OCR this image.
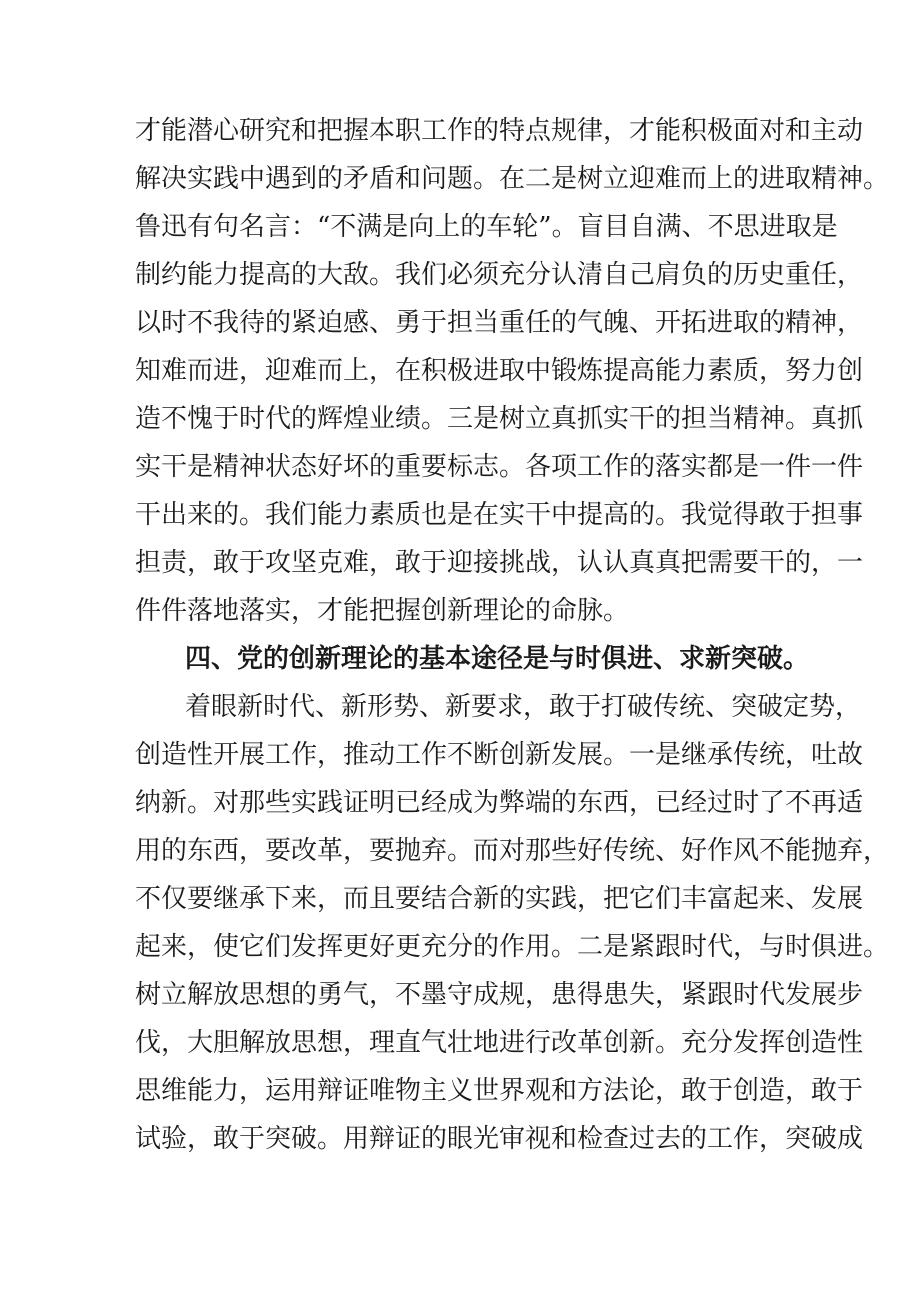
才能潜心研究和把握本职工作的特点规律，才能积极面对和主动
解决实践中遇到的矛盾和问题。在二是树立迎难而上的进取精神。
鲁迅有句名言：“不满是向上的车轮”。盲目自满、不思进取是
制约能力提高的大敌。我们必须充分认清自己肩负的历史重任，
以时不我待的紧迫感、勇于担当重任的气魄、开拓进取的精神，
知难而进，迎难而上，在积极进取中锻炼提高能力素质，努力创
造不愧于时代的辉煌业绩。三是树立真抓实干的担当精神。真抓
实干是精神状态好坏的重要标志。各项工作的落实都是一件一件
干出来的。我们能力素质也是在实干中提高的。我觉得敢于担事
担责，敢于攻坚克难，敢于迎接挑战，认认真真把需要干的，一
件件落地落实，才能把握创新理论的命脉。
四、党的创新理论的基本途径是与时俱进、求新突破。
着眼新时代、新形势、新要求，敢于打破传统、突破定势，
创造性开展工作，推动工作不断创新发展。一是继承传统，吐故
纳新。对那些实践证明已经成为弊端的东西，已经过时了不再适
用的东西，要改革，要抛弃。而对那些好传统、好作风不能抛弃，
不仅要继承下来，而且要结合新的实践，把它们丰富起来、发展
起来，使它们发挥更好更充分的作用。二是紧跟时代，与时俱进。
树立解放思想的勇气，不墨守成规，患得患失，紧跟时代发展步
伐，大胆解放思想，理直气壮地进行改革创新。充分发挥创造性
思维能力，运用辩证唯物主义世界观和方法论，敢于创造，敢于
试验，敢于突破。用辩证的眼光审视和检查过去的工作，突破成
